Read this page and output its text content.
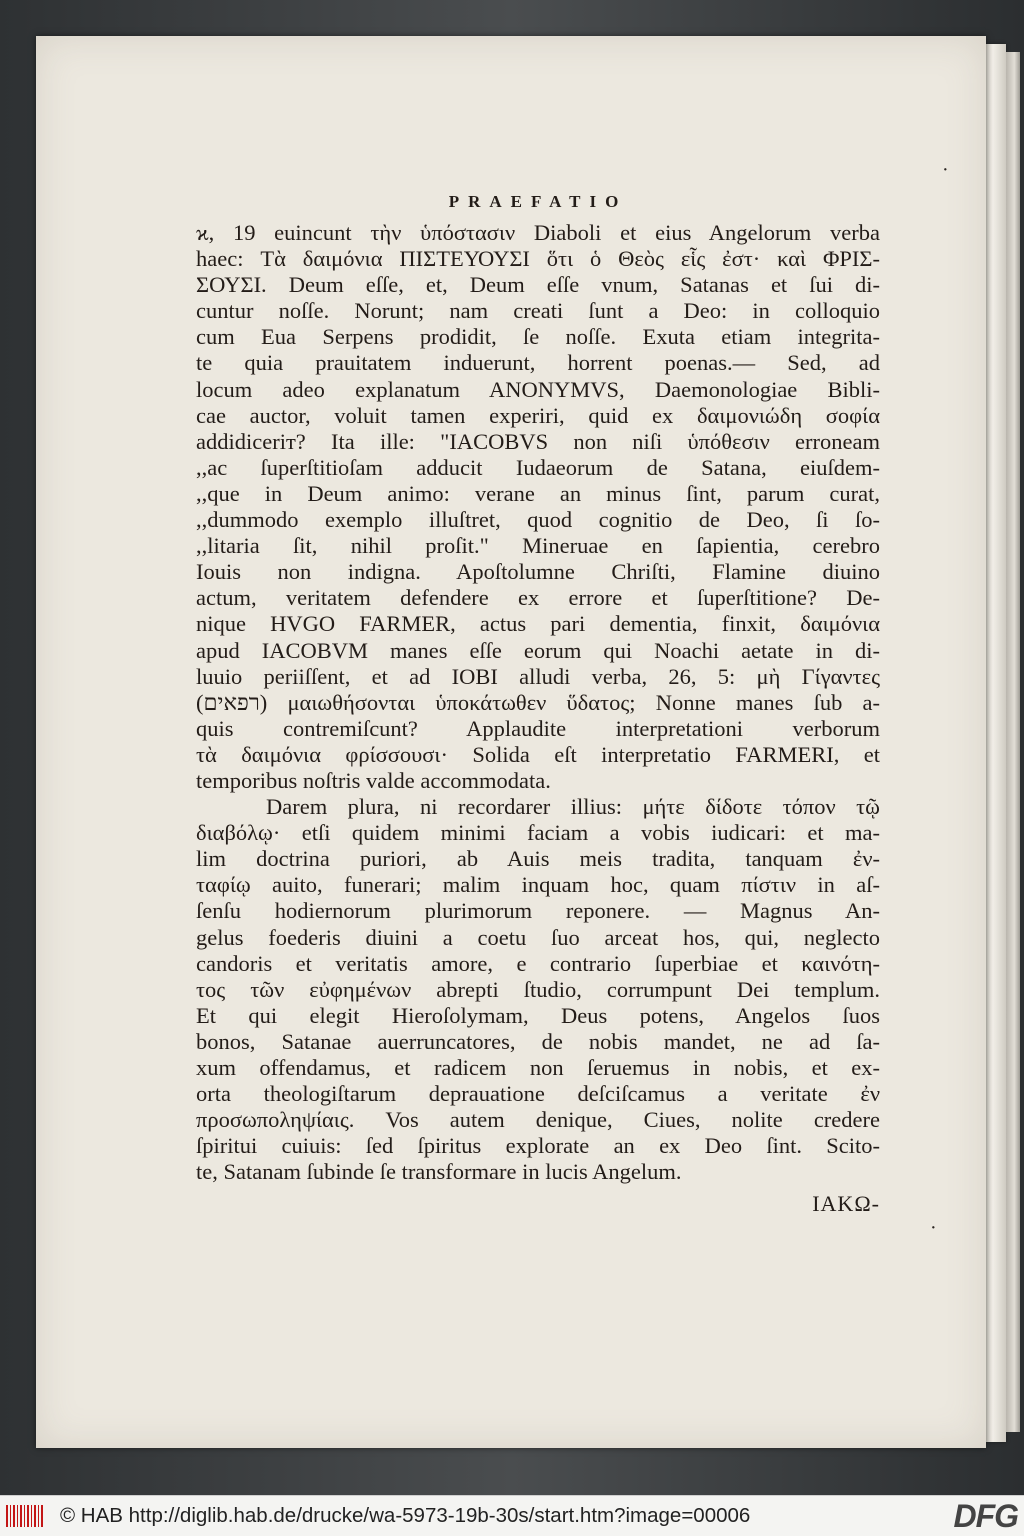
·
·
PRAEFATIO
ϰ, 19 euincunt τὴν ὑπόστασιν Diaboli et eius Angelorum verba
haec: Τὰ δαιμόνια ΠΙΣΤΕΥΟΥΣΙ ὅτι ὁ Θεὸς εἷς ἐστ· καὶ ΦΡΙΣ-
ΣΟΥΣΙ. Deum eſſe, et, Deum eſſe vnum, Satanas et ſui di-
cuntur noſſe. Norunt; nam creati ſunt a Deo: in colloquio
cum Eua Serpens prodidit, ſe noſſe. Exuta etiam integrita-
te quia prauitatem induerunt, horrent poenas.— Sed, ad
locum adeo explanatum ANONYMVS, Daemonologiae Bibli-
cae auctor, voluit tamen experiri, quid ex δαιμονιώδη σοφία
addidiceriт? Ita ille: "IACOBVS non niſi ὑπόθεσιν erroneam
,,ac ſuperſtitioſam adducit Iudaeorum de Satana, eiuſdem-
,,que in Deum animo: verane an minus ſint, parum curat,
,,dummodo exemplo illuſtret, quod cognitio de Deo, ſi ſo-
,,litaria ſit, nihil proſit." Mineruae en ſapientia, cerebro
Iouis non indigna. Apoſtolumne Chriſti, Flamine diuino
actum, veritatem defendere ex errore et ſuperſtitione? De-
nique HVGO FARMER, actus pari dementia, finxit, δαιμόνια
apud IACOBVM manes eſſe eorum qui Noachi aetate in di-
luuio periiſſent, et ad IOBI alludi verba, 26, 5: μὴ Γίγαντες
(רפאים) μαιωθήσονται ὑποκάτωθεν ὕδατος; Nonne manes ſub a-
quis contremiſcunt? Applaudite interpretationi verborum
τὰ δαιμόνια φρίσσουσι· Solida eſt interpretatio FARMERI, et
temporibus noſtris valde accommodata.
Darem plura, ni recordarer illius: μήτε δίδοτε τόπον τῷ
διαβόλῳ· etſi quidem minimi faciam a vobis iudicari: et ma-
lim doctrina puriori, ab Auis meis tradita, tanquam ἐν-
ταφίῳ auito, funerari; malim inquam hoc, quam πίστιν in aſ-
ſenſu hodiernorum plurimorum reponere. — Magnus An-
gelus foederis diuini a coetu ſuo arceat hos, qui, neglecto
candoris et veritatis amore, e contrario ſuperbiae et καινότη-
τος τῶν εὐφημένων abrepti ſtudio, corrumpunt Dei templum.
Et qui elegit Hieroſolymam, Deus potens, Angelos ſuos
bonos, Satanae auerruncatores, de nobis mandet, ne ad ſa-
xum offendamus, et radicem non ſeruemus in nobis, et ex-
orta theologiſtarum deprauatione deſciſcamus a veritate ἐν
προσωποληψίαις. Vos autem denique, Ciues, nolite credere
ſpiritui cuiuis: ſed ſpiritus explorate an ex Deo ſint. Scito-
te, Satanam ſubinde ſe transformare in lucis Angelum.
IAKΩ-
© HAB http://diglib.hab.de/drucke/wa-5973-19b-30s/start.htm?image=00006	DFG
